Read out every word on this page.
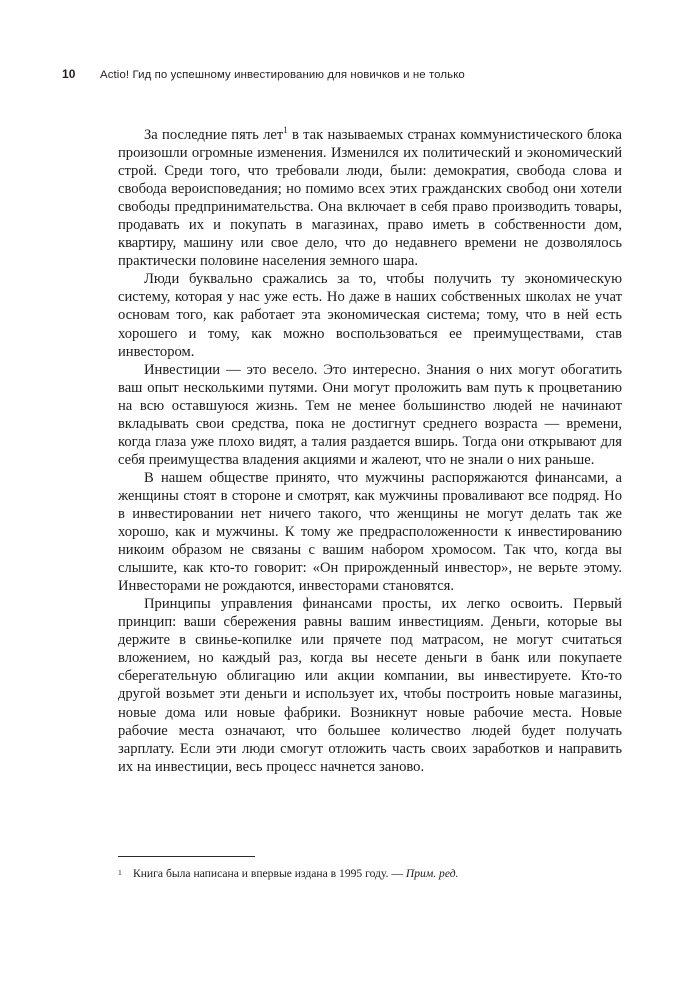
10	Actio! Гид по успешному инвестированию для новичков и не только

За последние пять лет$^1$ в так называемых странах коммунистического блока произошли огромные изменения. Изменился их политический и экономический строй. Среди того, что требовали люди, были: демократия, свобода слова и свобода вероисповедания; но помимо всех этих гражданских свобод они хотели свободы предпринимательства. Она включает в себя право производить товары, продавать их и покупать в магазинах, право иметь в собственности дом, квартиру, машину или свое дело, что до недавнего времени не дозволялось практически половине населения земного шара.

Люди буквально сражались за то, чтобы получить ту экономическую систему, которая у нас уже есть. Но даже в наших собственных школах не учат основам того, как работает эта экономическая система; тому, что в ней есть хорошего и тому, как можно воспользоваться ее преимуществами, став инвестором.

Инвестиции — это весело. Это интересно. Знания о них могут обогатить ваш опыт несколькими путями. Они могут проложить вам путь к процветанию на всю оставшуюся жизнь. Тем не менее большинство людей не начинают вкладывать свои средства, пока не достигнут среднего возраста — времени, когда глаза уже плохо видят, а талия раздается вширь. Тогда они открывают для себя преимущества владения акциями и жалеют, что не знали о них раньше.

В нашем обществе принято, что мужчины распоряжаются финансами, а женщины стоят в стороне и смотрят, как мужчины проваливают все подряд. Но в инвестировании нет ничего такого, что женщины не могут делать так же хорошо, как и мужчины. К тому же предрасположенности к инвестированию никоим образом не связаны с вашим набором хромосом. Так что, когда вы слышите, как кто-то говорит: «Он прирожденный инвестор», не верьте этому. Инвесторами не рождаются, инвесторами становятся.

Принципы управления финансами просты, их легко освоить. Первый принцип: ваши сбережения равны вашим инвестициям. Деньги, которые вы держите в свинье-копилке или прячете под матрасом, не могут считаться вложением, но каждый раз, когда вы несете деньги в банк или покупаете сберегательную облигацию или акции компании, вы инвестируете. Кто-то другой возьмет эти деньги и использует их, чтобы построить новые магазины, новые дома или новые фабрики. Возникнут новые рабочие места. Новые рабочие места означают, что большее количество людей будет получать зарплату. Если эти люди смогут отложить часть своих заработков и направить их на инвестиции, весь процесс начнется заново.

1 Книга была написана и впервые издана в 1995 году. — Прим. ред.
